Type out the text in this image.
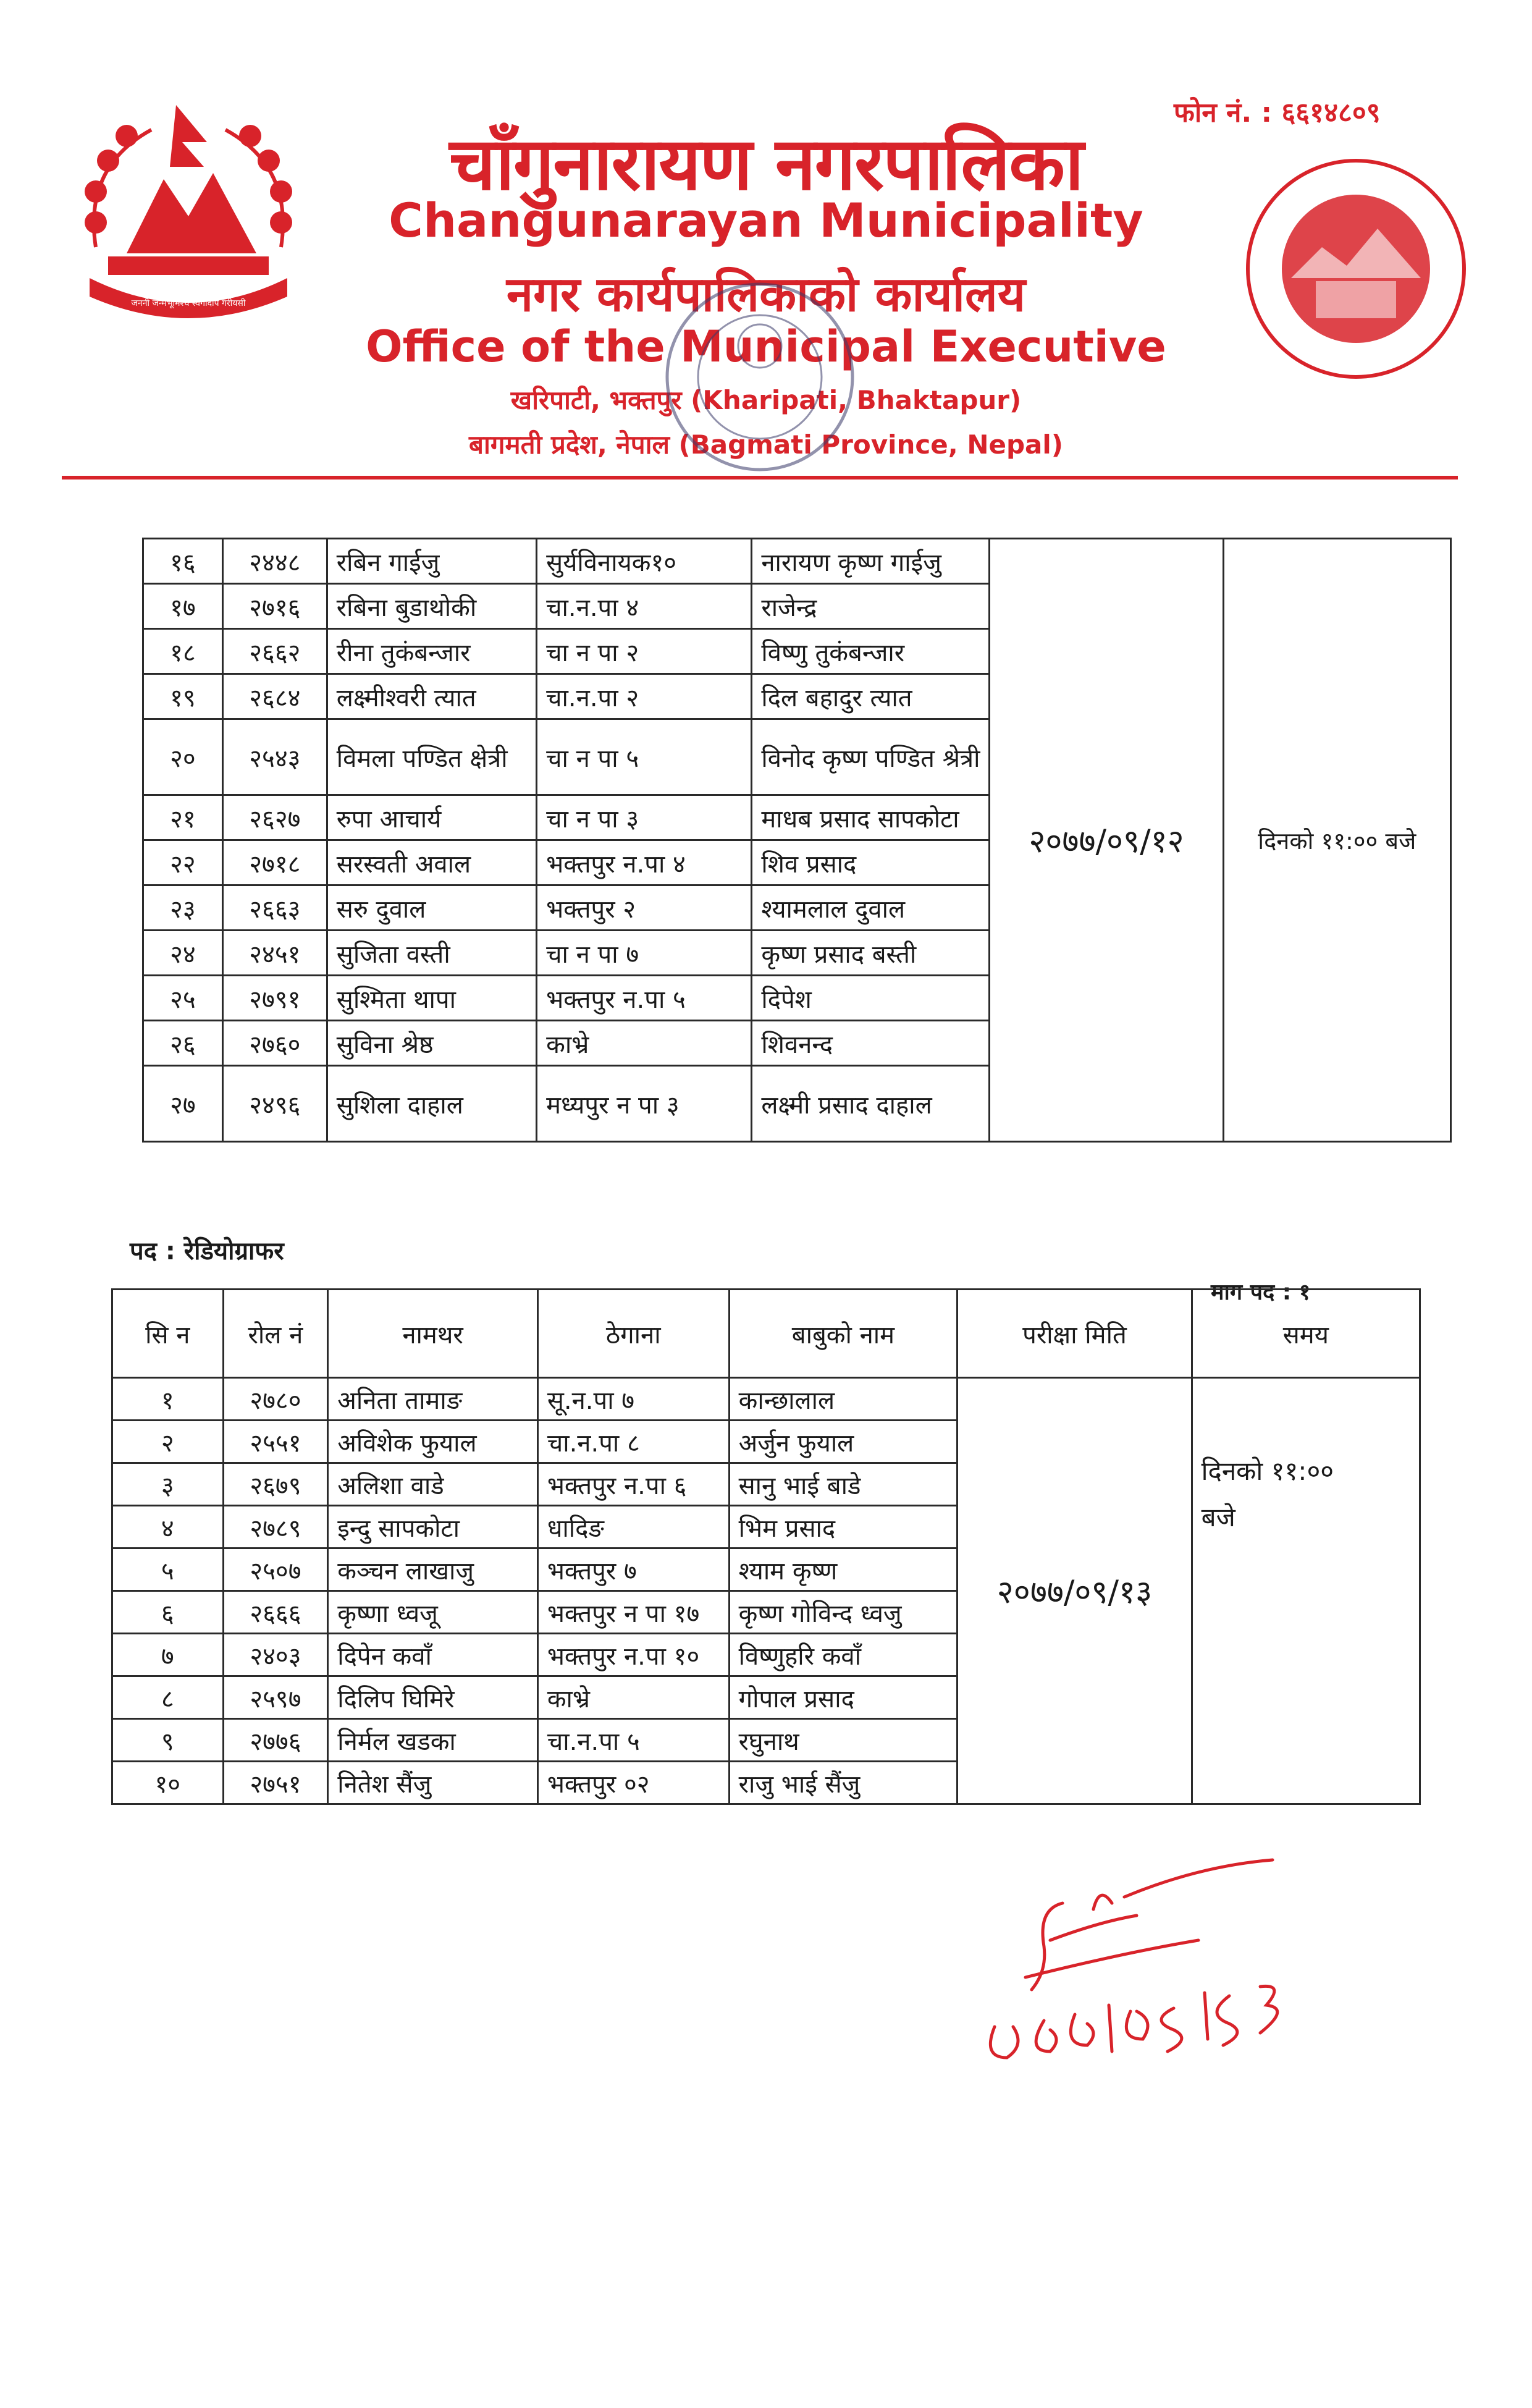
जननी जन्मभूमिश्च स्वर्गादपि गरीयसी
चाँगुनारायण नगरपालिका
Changunarayan Municipality
नगर कार्यपालिकाको कार्यालय
Office of the Municipal Executive
खरिपाटी, भक्तपुर (Kharipati, Bhaktapur)
बागमती प्रदेश, नेपाल (Bagmati Province, Nepal)
फोन नं. : ६६१४८०९
१६	२४४८	रबिन गाईजु	सुर्यविनायक१०	नारायण कृष्ण गाईजु	२०७७/०९/१२	दिनको ११:०० बजे
१७	२७१६	रबिना बुडाथोकी	चा.न.पा ४	राजेन्द्र		
१८	२६६२	रीना तुकंबन्जार	चा न पा २	विष्णु तुकंबन्जार		
१९	२६८४	लक्ष्मीश्वरी त्यात	चा.न.पा २	दिल बहादुर त्यात		
२०	२५४३	विमला पण्डित क्षेत्री	चा न पा ५	विनोद कृष्ण पण्डित श्रेत्री		
२१	२६२७	रुपा आचार्य	चा न पा ३	माधब प्रसाद सापकोटा		
२२	२७१८	सरस्वती अवाल	भक्तपुर न.पा ४	शिव प्रसाद		
२३	२६६३	सरु दुवाल	भक्तपुर २	श्यामलाल दुवाल		
२४	२४५१	सुजिता वस्ती	चा न पा ७	कृष्ण प्रसाद बस्ती		
२५	२७९१	सुश्मिता थापा	भक्तपुर न.पा ५	दिपेश		
२६	२७६०	सुविना श्रेष्ठ	काभ्रे	शिवनन्द		
२७	२४९६	सुशिला दाहाल	मध्यपुर न पा ३	लक्ष्मी प्रसाद दाहाल		
पद : रेडियोग्राफर
माग पद : १
सि न	रोल नं	नामथर	ठेगाना	बाबुको नाम	परीक्षा मिति	समय
१	२७८०	अनिता तामाङ	सू.न.पा ७	कान्छालाल	२०७७/०९/१३	दिनको ११:००
बजे

२	२५५१	अविशेक फुयाल	चा.न.पा ८	अर्जुन फुयाल		
३	२६७९	अलिशा वाडे	भक्तपुर न.पा ६	सानु भाई बाडे		
४	२७८९	इन्दु सापकोटा	धादिङ	भिम प्रसाद		
५	२५०७	कञ्चन लाखाजु	भक्तपुर ७	श्याम कृष्ण		
६	२६६६	कृष्णा ध्वजू	भक्तपुर न पा १७	कृष्ण गोविन्द ध्वजु		
७	२४०३	दिपेन कवाँ	भक्तपुर न.पा १०	विष्णुहरि कवाँ		
८	२५९७	दिलिप घिमिरे	काभ्रे	गोपाल प्रसाद		
९	२७७६	निर्मल खडका	चा.न.पा ५	रघुनाथ		
१०	२७५१	नितेश सैंजु	भक्तपुर ०२	राजु भाई सैंजु		
